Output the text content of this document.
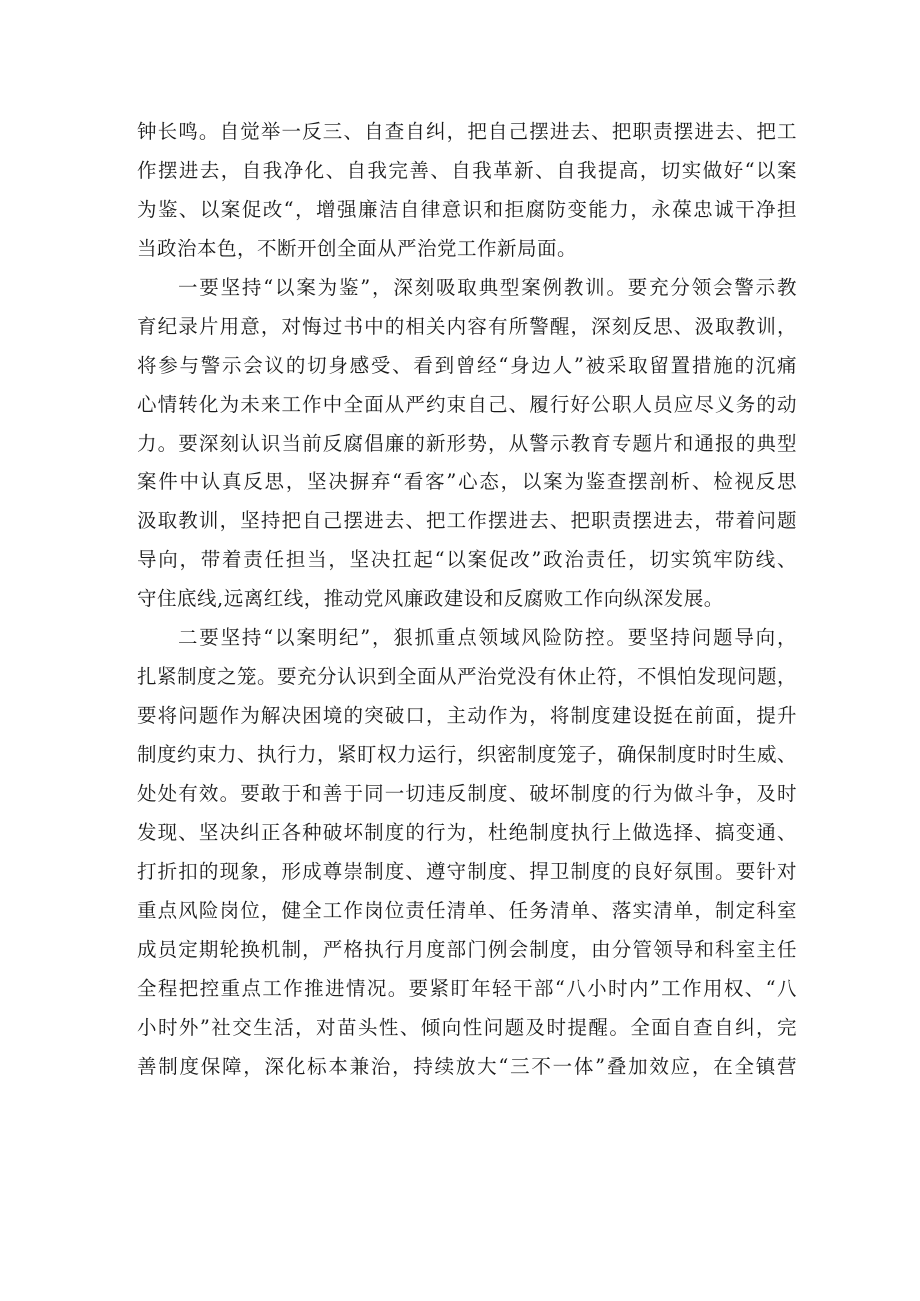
钟长鸣。自觉举一反三、自查自纠，把自己摆进去、把职责摆进去、把工
作摆进去，自我净化、自我完善、自我革新、自我提高，切实做好“以案
为鉴、以案促改“，增强廉洁自律意识和拒腐防变能力，永葆忠诚干净担
当政治本色，不断开创全面从严治党工作新局面。
一要坚持“以案为鉴”，深刻吸取典型案例教训。要充分领会警示教
育纪录片用意，对悔过书中的相关内容有所警醒，深刻反思、汲取教训，
将参与警示会议的切身感受、看到曾经“身边人”被采取留置措施的沉痛
心情转化为未来工作中全面从严约束自己、履行好公职人员应尽义务的动
力。要深刻认识当前反腐倡廉的新形势，从警示教育专题片和通报的典型
案件中认真反思，坚决摒弃“看客”心态，以案为鉴查摆剖析、检视反思
汲取教训，坚持把自己摆进去、把工作摆进去、把职责摆进去，带着问题
导向，带着责任担当，坚决扛起“以案促改”政治责任，切实筑牢防线、
守住底线,远离红线，推动党风廉政建设和反腐败工作向纵深发展。
二要坚持“以案明纪”，狠抓重点领域风险防控。要坚持问题导向，
扎紧制度之笼。要充分认识到全面从严治党没有休止符，不惧怕发现问题，
要将问题作为解决困境的突破口，主动作为，将制度建设挺在前面，提升
制度约束力、执行力，紧盯权力运行，织密制度笼子，确保制度时时生威、
处处有效。要敢于和善于同一切违反制度、破坏制度的行为做斗争，及时
发现、坚决纠正各种破坏制度的行为，杜绝制度执行上做选择、搞变通、
打折扣的现象，形成尊崇制度、遵守制度、捍卫制度的良好氛围。要针对
重点风险岗位，健全工作岗位责任清单、任务清单、落实清单，制定科室
成员定期轮换机制，严格执行月度部门例会制度，由分管领导和科室主任
全程把控重点工作推进情况。要紧盯年轻干部“八小时内”工作用权、“八
小时外”社交生活，对苗头性、倾向性问题及时提醒。全面自查自纠，完
善制度保障，深化标本兼治，持续放大“三不一体”叠加效应，在全镇营
